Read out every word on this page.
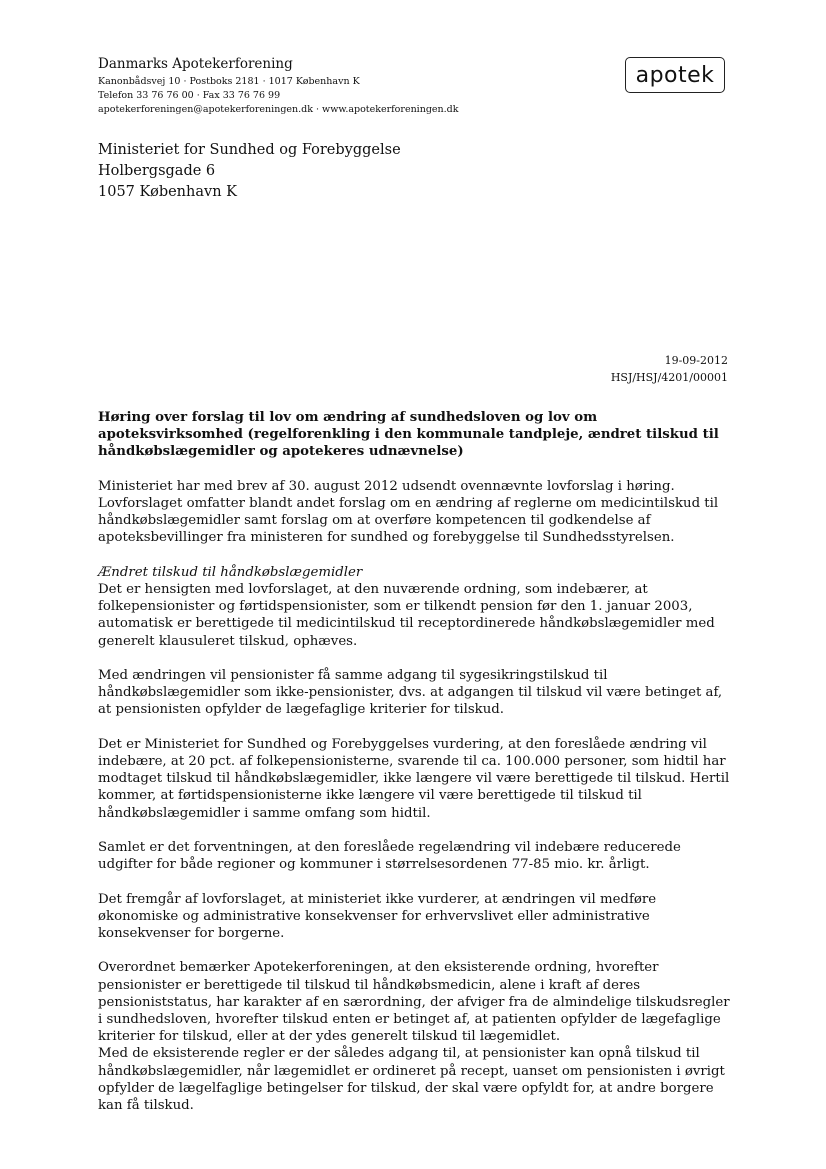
Danmarks Apotekerforening
Kanonbådsvej 10 · Postboks 2181 · 1017 København K
Telefon 33 76 76 00 · Fax 33 76 76 99
apotekerforeningen@apotekerforeningen.dk · www.apotekerforeningen.dk
apotek
Ministeriet for Sundhed og Forebyggelse
Holbergsgade 6
1057 København K
19-09-2012
HSJ/HSJ/4201/00001

Høring over forslag til lov om ændring af sundhedsloven og lov om apoteksvirksomhed (regelforenkling i den kommunale tandpleje, ændret tilskud til håndkøbslægemidler og apotekeres udnævnelse)

Ministeriet har med brev af 30. august 2012 udsendt ovennævnte lovforslag i høring. Lovforslaget omfatter blandt andet forslag om en ændring af reglerne om medicintilskud til håndkøbslægemidler samt forslag om at overføre kompetencen til godkendelse af apoteksbevillinger fra ministeren for sundhed og forebyggelse til Sundhedsstyrelsen.

Ændret tilskud til håndkøbslægemidler

Det er hensigten med lovforslaget, at den nuværende ordning, som indebærer, at folkepensionister og førtidspensionister, som er tilkendt pension før den 1. januar 2003, automatisk er berettigede til medicintilskud til receptordinerede håndkøbslægemidler med generelt klausuleret tilskud, ophæves.

Med ændringen vil pensionister få samme adgang til sygesikringstilskud til håndkøbslægemidler som ikke-pensionister, dvs. at adgangen til tilskud vil være betinget af, at pensionisten opfylder de lægefaglige kriterier for tilskud.

Det er Ministeriet for Sundhed og Forebyggelses vurdering, at den foreslåede ændring vil indebære, at 20 pct. af folkepensionisterne, svarende til ca. 100.000 personer, som hidtil har modtaget tilskud til håndkøbslægemidler, ikke længere vil være berettigede til tilskud. Hertil kommer, at førtidspensionisterne ikke længere vil være berettigede til tilskud til håndkøbslægemidler i samme omfang som hidtil.

Samlet er det forventningen, at den foreslåede regelændring vil indebære reducerede udgifter for både regioner og kommuner i størrelsesordenen 77-85 mio. kr. årligt.

Det fremgår af lovforslaget, at ministeriet ikke vurderer, at ændringen vil medføre økonomiske og administrative konsekvenser for erhvervslivet eller administrative konsekvenser for borgerne.

Overordnet bemærker Apotekerforeningen, at den eksisterende ordning, hvorefter pensionister er berettigede til tilskud til håndkøbsmedicin, alene i kraft af deres pensioniststatus, har karakter af en særordning, der afviger fra de almindelige tilskudsregler i sundhedsloven, hvorefter tilskud enten er betinget af, at patienten opfylder de lægefaglige kriterier for tilskud, eller at der ydes generelt tilskud til lægemidlet.

Med de eksisterende regler er der således adgang til, at pensionister kan opnå tilskud til håndkøbslægemidler, når lægemidlet er ordineret på recept, uanset om pensionisten i øvrigt opfylder de lægelfaglige betingelser for tilskud, der skal være opfyldt for, at andre borgere kan få tilskud.
